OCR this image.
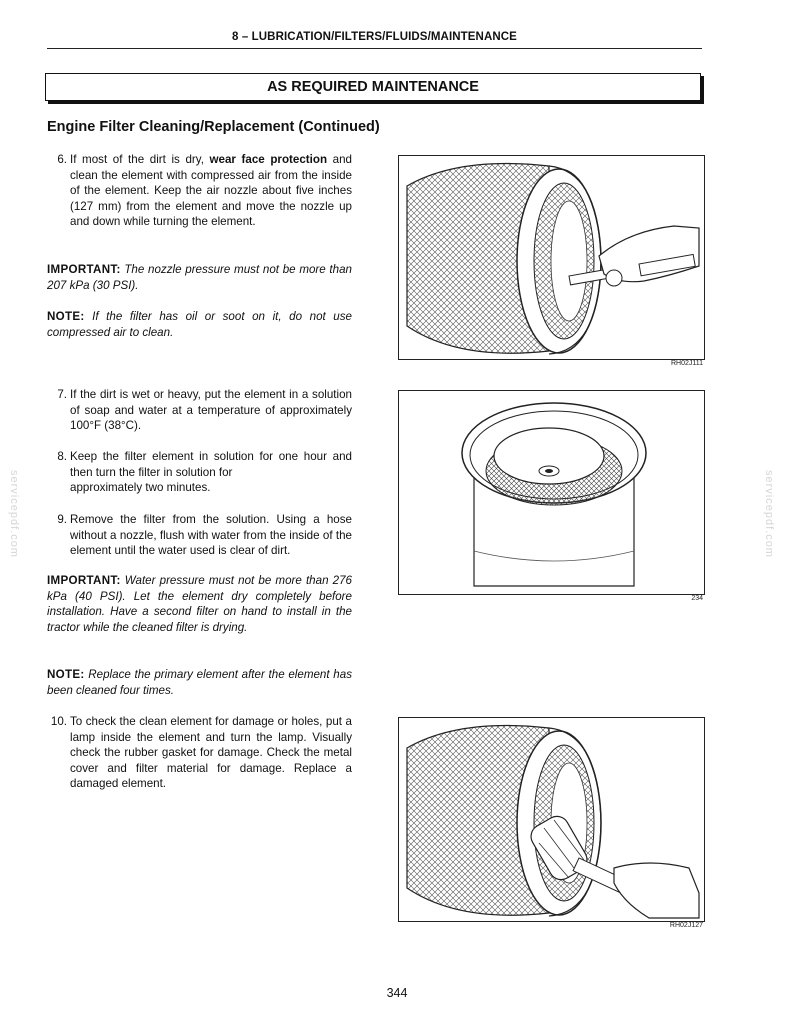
8 – LUBRICATION/FILTERS/FLUIDS/MAINTENANCE
AS REQUIRED MAINTENANCE
Engine Filter Cleaning/Replacement (Continued)
6. If most of the dirt is dry, wear face protection and clean the element with compressed air from the inside of the element. Keep the air nozzle about five inches (127 mm) from the element and move the nozzle up and down while turning the element.
IMPORTANT: The nozzle pressure must not be more than 207 kPa (30 PSI).
NOTE: If the filter has oil or soot on it, do not use compressed air to clean.
7. If the dirt is wet or heavy, put the element in a solution of soap and water at a temperature of approximately 100°F (38°C).
8. Keep the filter element in solution for one hour and then turn the filter in solution for
approximately two minutes.
9. Remove the filter from the solution. Using a hose without a nozzle, flush with water from the inside of the element until the water used is clear of dirt.
IMPORTANT: Water pressure must not be more than 276 kPa (40 PSI). Let the element dry completely before installation. Have a second filter on hand to install in the tractor while the cleaned filter is drying.
NOTE: Replace the primary element after the element has been cleaned four times.
10. To check the clean element for damage or holes, put a lamp inside the element and turn the lamp. Visually check the rubber gasket for damage. Check the metal cover and filter material for damage. Replace a damaged element.
RH02J111
234
RH02J127
servicepdf.com	servicepdf.com
344
